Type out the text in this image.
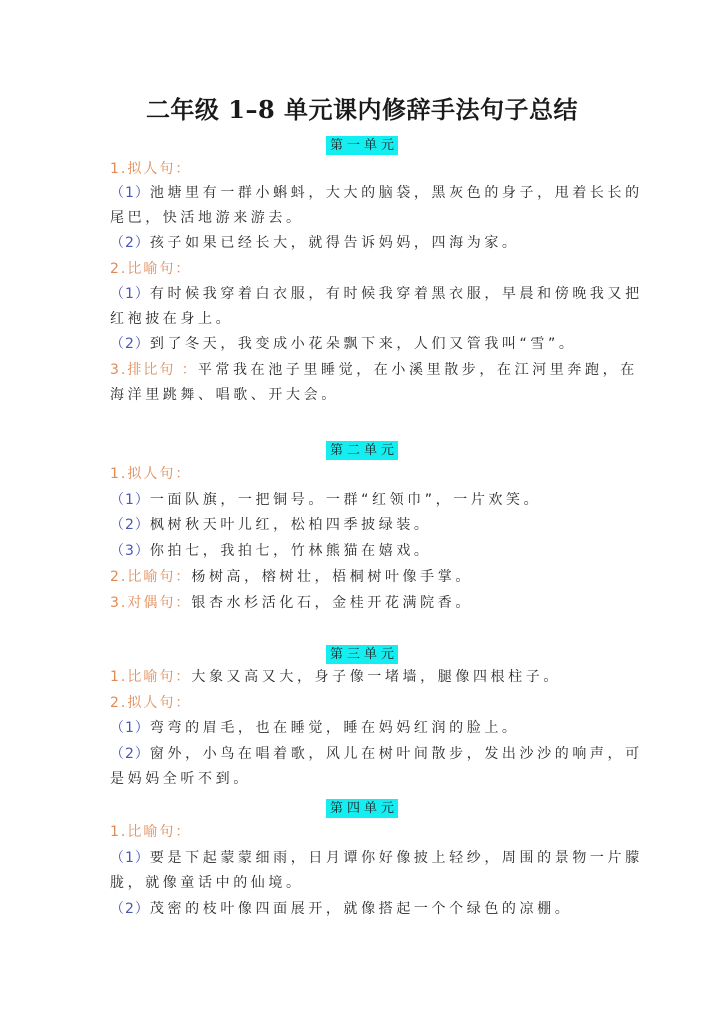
二年级 1–8 单元课内修辞手法句子总结
第一单元
1.拟人句：
（1）池塘里有一群小蝌蚪，大大的脑袋，黑灰色的身子，甩着长长的
尾巴，快活地游来游去。
（2）孩子如果已经长大，就得告诉妈妈，四海为家。
2.比喻句：
（1）有时候我穿着白衣服，有时候我穿着黑衣服，早晨和傍晚我又把
红袍披在身上。
（2）到了冬天，我变成小花朵飘下来，人们又管我叫“雪”。
3.排比句 ：平常我在池子里睡觉，在小溪里散步，在江河里奔跑，在
海洋里跳舞、唱歌、开大会。
第二单元
1.拟人句：
（1）一面队旗，一把铜号。一群“红领巾”，一片欢笑。
（2）枫树秋天叶儿红，松柏四季披绿装。
（3）你拍七，我拍七，竹林熊猫在嬉戏。
2.比喻句：杨树高，榕树壮，梧桐树叶像手掌。
3.对偶句：银杏水杉活化石，金桂开花满院香。
第三单元
1.比喻句：大象又高又大，身子像一堵墙，腿像四根柱子。
2.拟人句：
（1）弯弯的眉毛，也在睡觉，睡在妈妈红润的脸上。
（2）窗外，小鸟在唱着歌，风儿在树叶间散步，发出沙沙的响声，可
是妈妈全听不到。
第四单元
1.比喻句：
（1）要是下起蒙蒙细雨，日月谭你好像披上轻纱，周围的景物一片朦
胧，就像童话中的仙境。
（2）茂密的枝叶像四面展开，就像搭起一个个绿色的凉棚。
